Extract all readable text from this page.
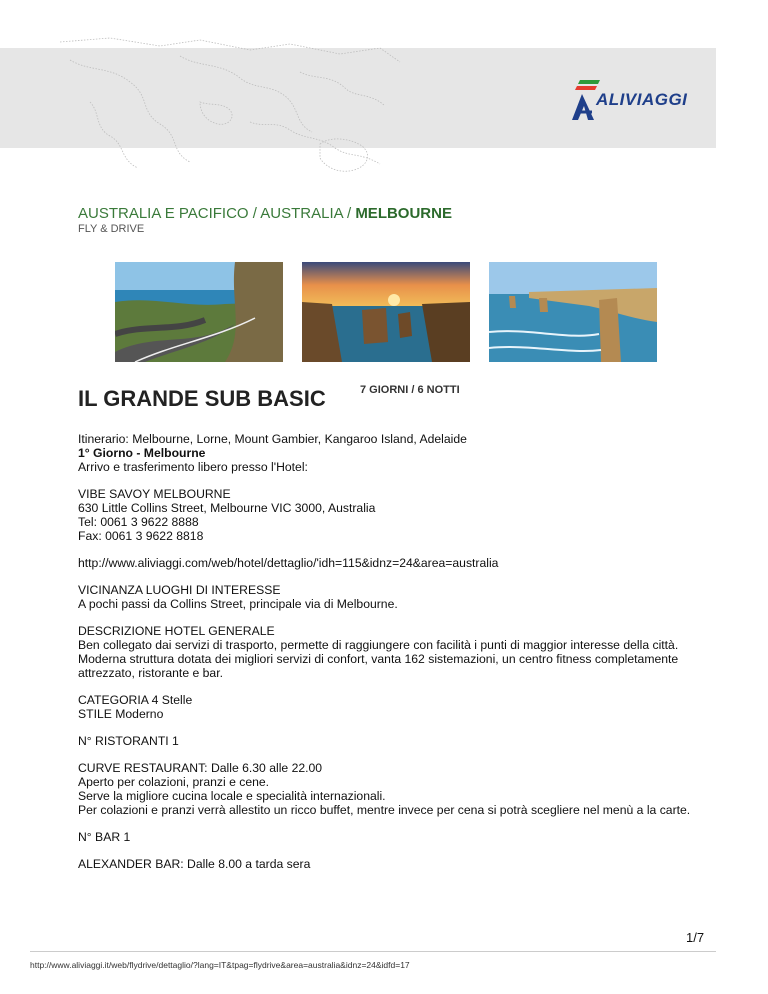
ALIVIAGGI
AUSTRALIA E PACIFICO / AUSTRALIA / MELBOURNE
FLY & DRIVE
IL GRANDE SUB BASIC	7 GIORNI / 6 NOTTI

Itinerario: Melbourne, Lorne, Mount Gambier, Kangaroo Island, Adelaide

1° Giorno - Melbourne

Arrivo e trasferimento libero presso l'Hotel:

VIBE SAVOY MELBOURNE

630 Little Collins Street, Melbourne VIC 3000, Australia

Tel: 0061 3 9622 8888

Fax: 0061 3 9622 8818

http://www.aliviaggi.com/web/hotel/dettaglio/'idh=115&idnz=24&area=australia

VICINANZA LUOGHI DI INTERESSE

A pochi passi da Collins Street, principale via di Melbourne.

DESCRIZIONE HOTEL GENERALE

Ben collegato dai servizi di trasporto, permette di raggiungere con facilità i punti di maggior interesse della città. Moderna struttura dotata dei migliori servizi di confort, vanta 162 sistemazioni, un centro fitness completamente attrezzato, ristorante e bar.

CATEGORIA 4 Stelle

STILE Moderno

N° RISTORANTI 1

CURVE RESTAURANT: Dalle 6.30 alle 22.00

Aperto per colazioni, pranzi e cene.

Serve la migliore cucina locale e specialità internazionali.

Per colazioni e pranzi verrà allestito un ricco buffet, mentre invece per cena si potrà scegliere nel menù a la carte.

N° BAR 1

ALEXANDER BAR: Dalle 8.00 a tarda sera

1/7
http://www.aliviaggi.it/web/flydrive/dettaglio/?lang=IT&tpag=flydrive&area=australia&idnz=24&idfd=17
